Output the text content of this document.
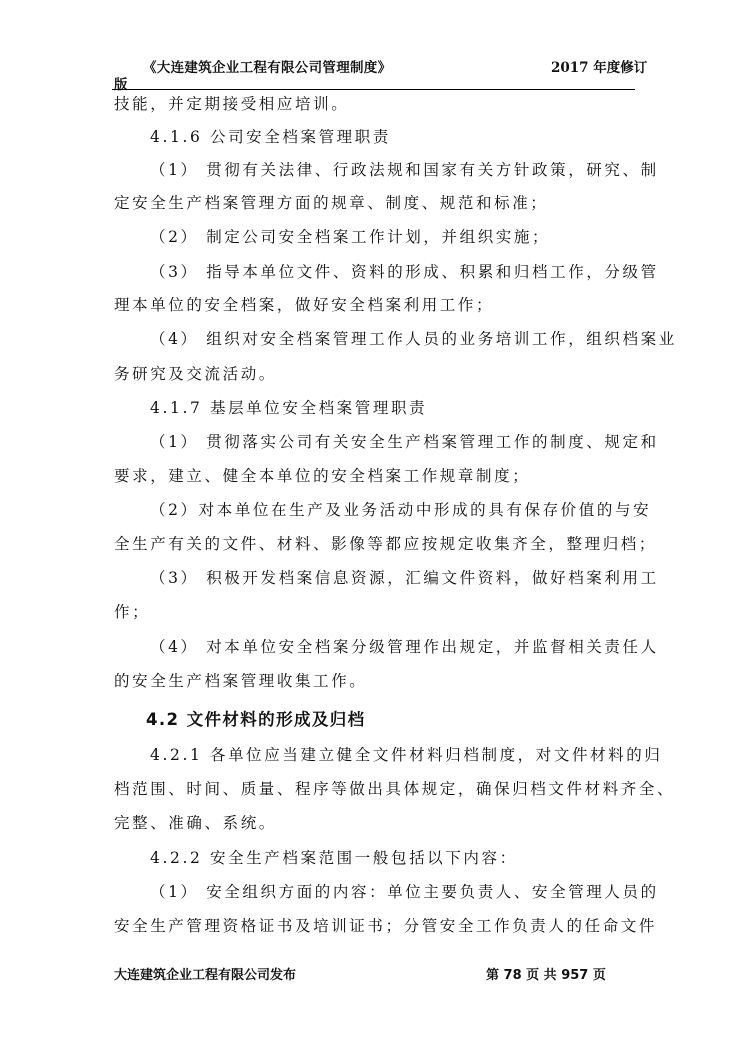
《大连建筑企业工程有限公司管理制度》	2017 年度修订
版
技能，并定期接受相应培训。
4.1.6 公司安全档案管理职责
（1） 贯彻有关法律、行政法规和国家有关方针政策，研究、制
定安全生产档案管理方面的规章、制度、规范和标准；
（2） 制定公司安全档案工作计划，并组织实施；
（3） 指导本单位文件、资料的形成、积累和归档工作，分级管
理本单位的安全档案，做好安全档案利用工作；
（4） 组织对安全档案管理工作人员的业务培训工作，组织档案业
务研究及交流活动。
4.1.7 基层单位安全档案管理职责
（1） 贯彻落实公司有关安全生产档案管理工作的制度、规定和
要求，建立、健全本单位的安全档案工作规章制度；
（2）对本单位在生产及业务活动中形成的具有保存价值的与安
全生产有关的文件、材料、影像等都应按规定收集齐全，整理归档；
（3） 积极开发档案信息资源，汇编文件资料，做好档案利用工
作；
（4） 对本单位安全档案分级管理作出规定，并监督相关责任人
的安全生产档案管理收集工作。
4.2 文件材料的形成及归档
4.2.1 各单位应当建立健全文件材料归档制度，对文件材料的归
档范围、时间、质量、程序等做出具体规定，确保归档文件材料齐全、
完整、准确、系统。
4.2.2 安全生产档案范围一般包括以下内容：
（1） 安全组织方面的内容：单位主要负责人、安全管理人员的
安全生产管理资格证书及培训证书；分管安全工作负责人的任命文件
大连建筑企业工程有限公司发布	第 78 页 共 957 页
